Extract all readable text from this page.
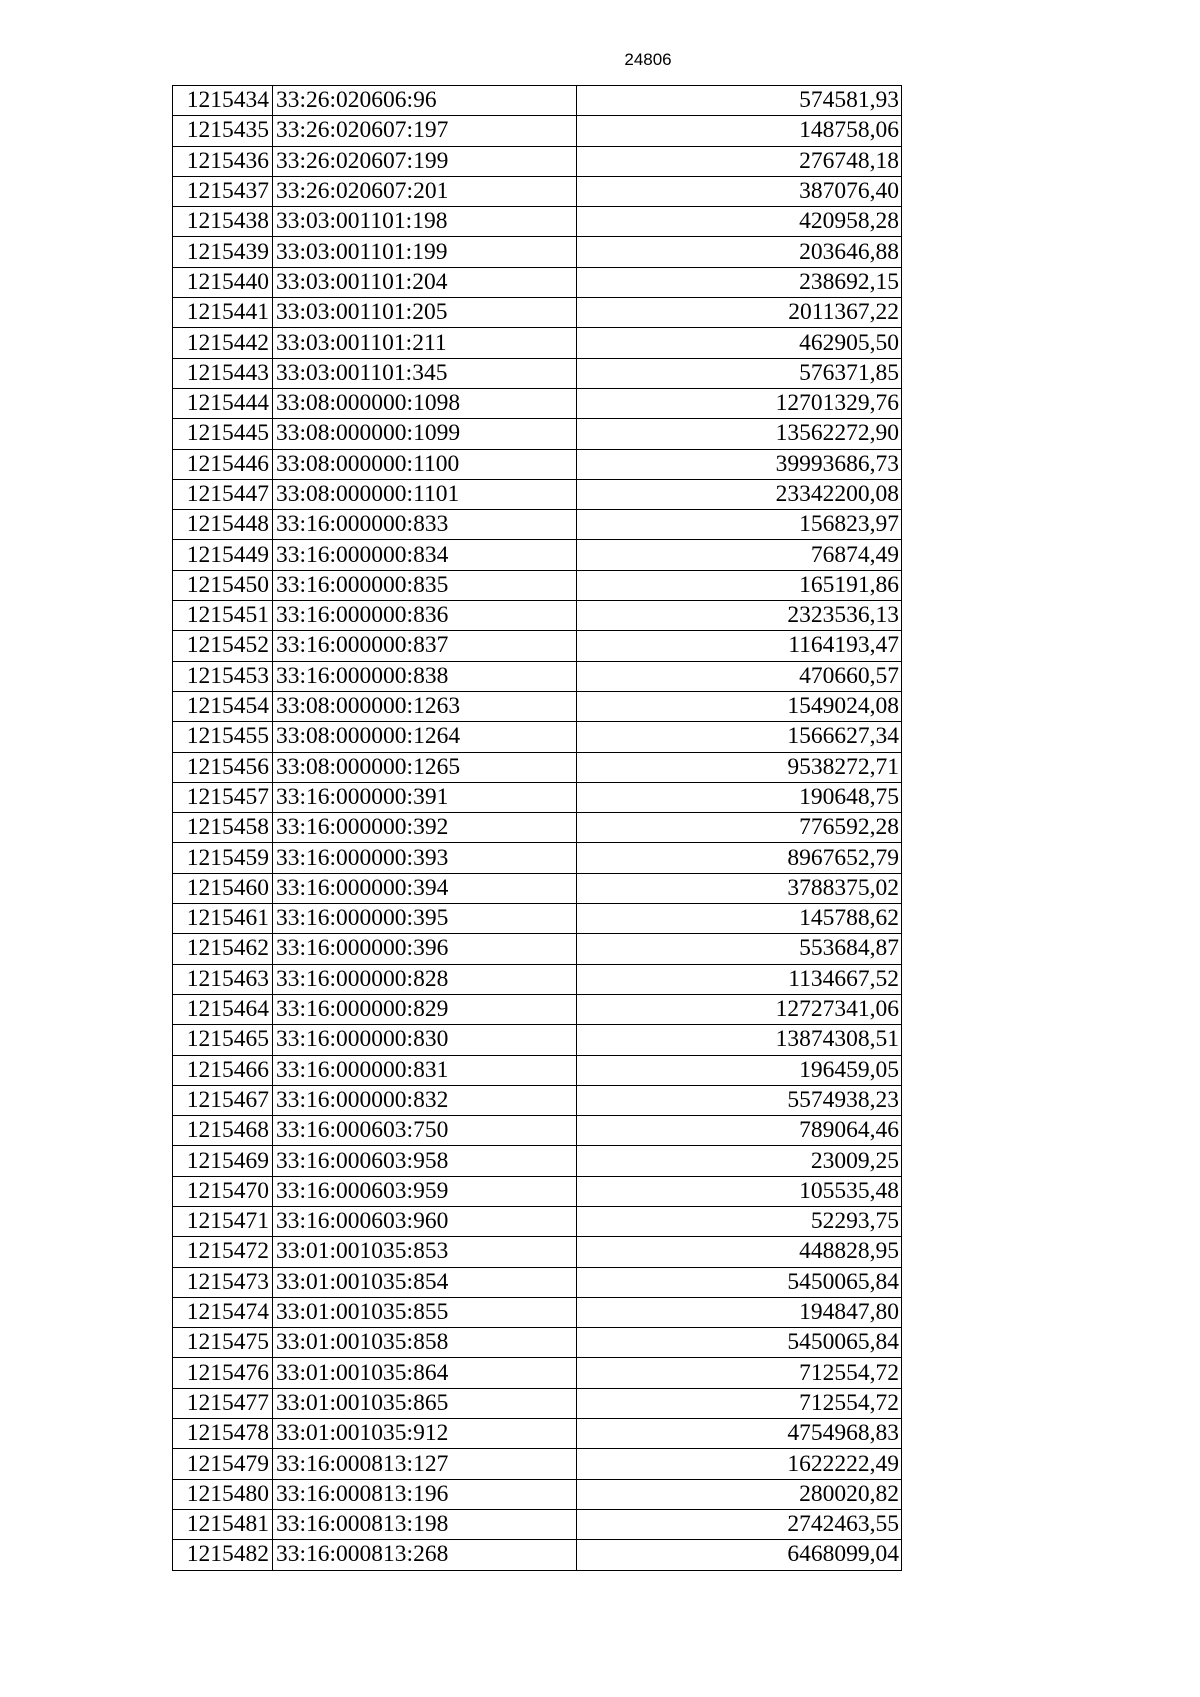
24806
1215434	33:26:020606:96	574581,93
1215435	33:26:020607:197	148758,06
1215436	33:26:020607:199	276748,18
1215437	33:26:020607:201	387076,40
1215438	33:03:001101:198	420958,28
1215439	33:03:001101:199	203646,88
1215440	33:03:001101:204	238692,15
1215441	33:03:001101:205	2011367,22
1215442	33:03:001101:211	462905,50
1215443	33:03:001101:345	576371,85
1215444	33:08:000000:1098	12701329,76
1215445	33:08:000000:1099	13562272,90
1215446	33:08:000000:1100	39993686,73
1215447	33:08:000000:1101	23342200,08
1215448	33:16:000000:833	156823,97
1215449	33:16:000000:834	76874,49
1215450	33:16:000000:835	165191,86
1215451	33:16:000000:836	2323536,13
1215452	33:16:000000:837	1164193,47
1215453	33:16:000000:838	470660,57
1215454	33:08:000000:1263	1549024,08
1215455	33:08:000000:1264	1566627,34
1215456	33:08:000000:1265	9538272,71
1215457	33:16:000000:391	190648,75
1215458	33:16:000000:392	776592,28
1215459	33:16:000000:393	8967652,79
1215460	33:16:000000:394	3788375,02
1215461	33:16:000000:395	145788,62
1215462	33:16:000000:396	553684,87
1215463	33:16:000000:828	1134667,52
1215464	33:16:000000:829	12727341,06
1215465	33:16:000000:830	13874308,51
1215466	33:16:000000:831	196459,05
1215467	33:16:000000:832	5574938,23
1215468	33:16:000603:750	789064,46
1215469	33:16:000603:958	23009,25
1215470	33:16:000603:959	105535,48
1215471	33:16:000603:960	52293,75
1215472	33:01:001035:853	448828,95
1215473	33:01:001035:854	5450065,84
1215474	33:01:001035:855	194847,80
1215475	33:01:001035:858	5450065,84
1215476	33:01:001035:864	712554,72
1215477	33:01:001035:865	712554,72
1215478	33:01:001035:912	4754968,83
1215479	33:16:000813:127	1622222,49
1215480	33:16:000813:196	280020,82
1215481	33:16:000813:198	2742463,55
1215482	33:16:000813:268	6468099,04
